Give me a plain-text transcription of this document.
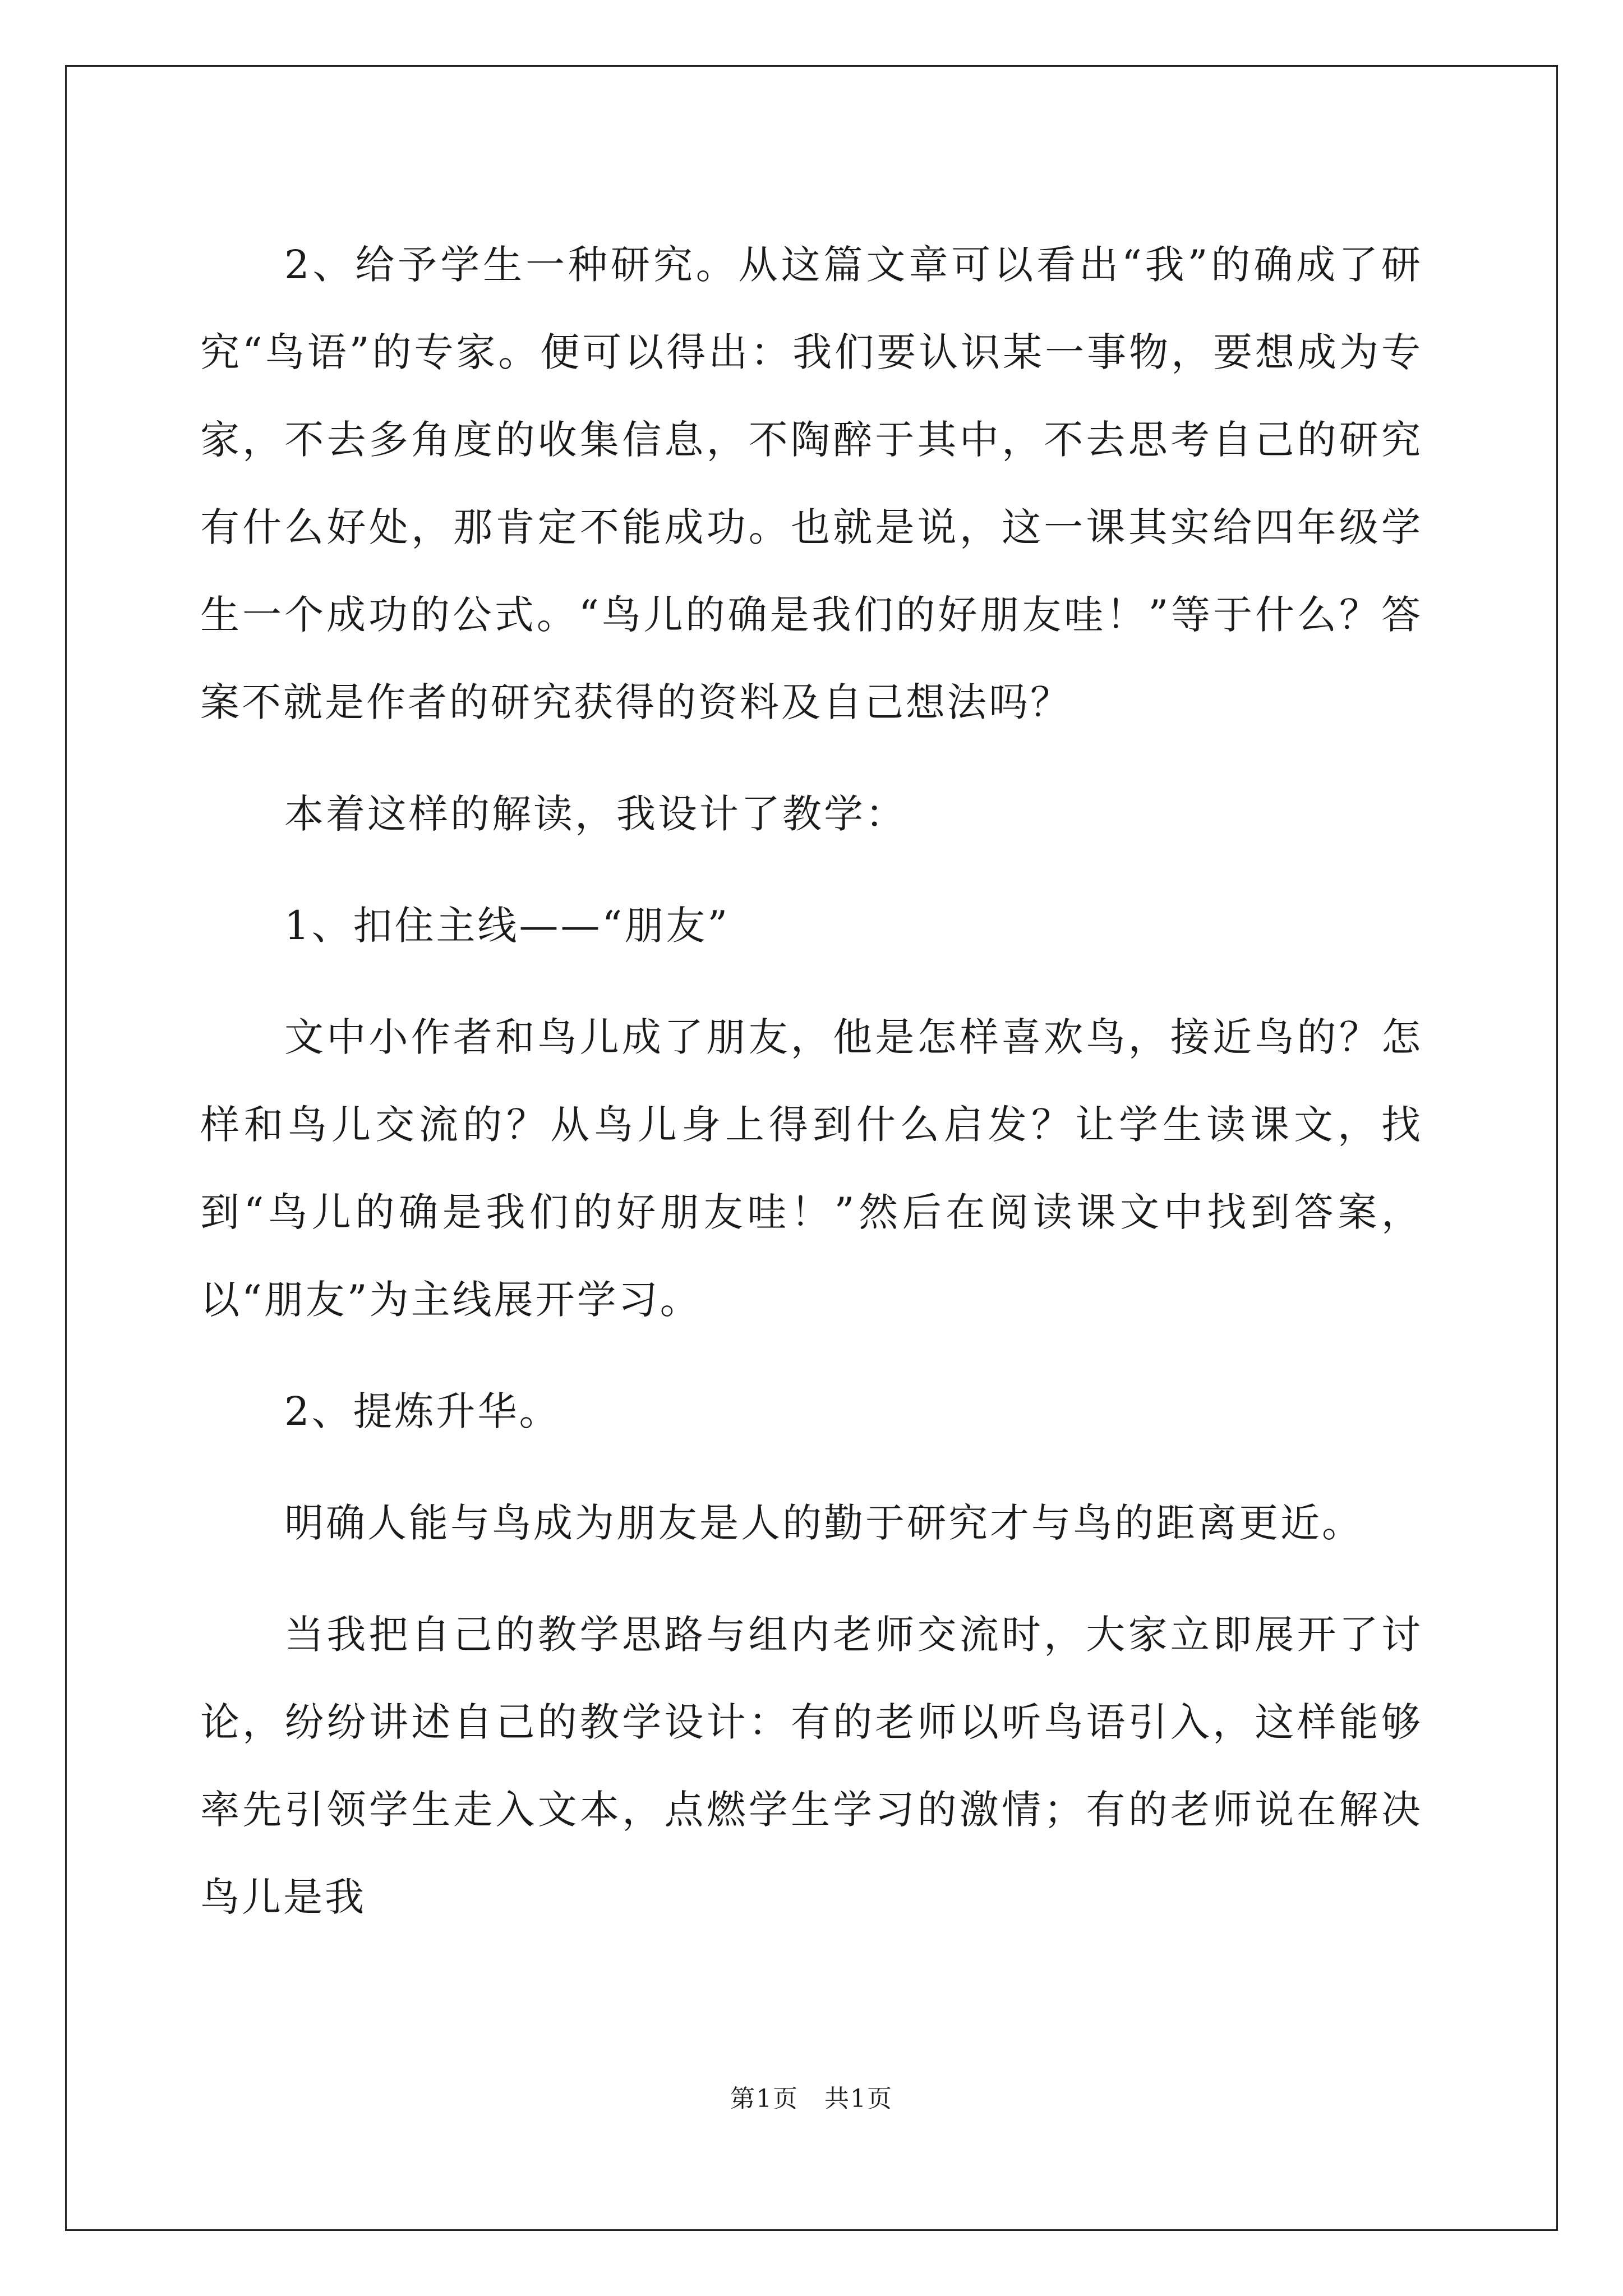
2、给予学生一种研究。从这篇文章可以看出“我”的确成了研究“鸟语”的专家。便可以得出：我们要认识某一事物，要想成为专家，不去多角度的收集信息，不陶醉于其中，不去思考自己的研究有什么好处，那肯定不能成功。也就是说，这一课其实给四年级学生一个成功的公式。“鸟儿的确是我们的好朋友哇！”等于什么？答案不就是作者的研究获得的资料及自己想法吗？

本着这样的解读，我设计了教学：

1、扣住主线——“朋友”

文中小作者和鸟儿成了朋友，他是怎样喜欢鸟，接近鸟的？怎样和鸟儿交流的？从鸟儿身上得到什么启发？让学生读课文，找到“鸟儿的确是我们的好朋友哇！”然后在阅读课文中找到答案，以“朋友”为主线展开学习。

2、提炼升华。

明确人能与鸟成为朋友是人的勤于研究才与鸟的距离更近。

当我把自己的教学思路与组内老师交流时，大家立即展开了讨论，纷纷讲述自己的教学设计：有的老师以听鸟语引入，这样能够率先引领学生走入文本，点燃学生学习的激情；有的老师说在解决鸟儿是我

第1页　共1页
